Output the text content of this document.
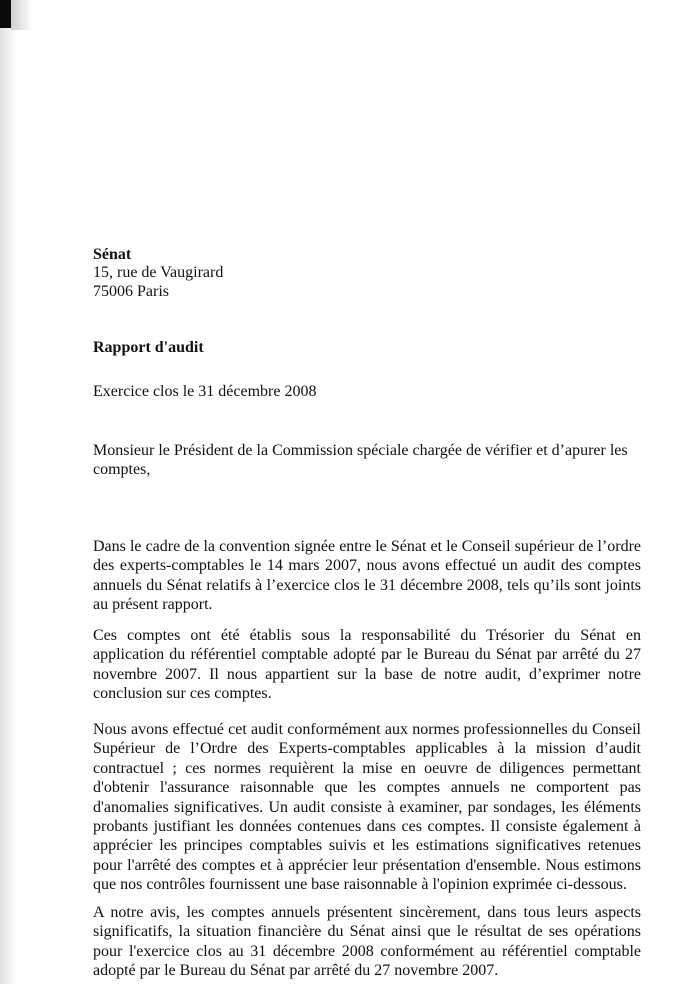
Sénat
15, rue de Vaugirard
75006 Paris
Rapport d'audit
Exercice clos le 31 décembre 2008
Monsieur le Président de la Commission spéciale chargée de vérifier et d’apurer les comptes,
Dans le cadre de la convention signée entre le Sénat et le Conseil supérieur de l’ordre des experts-comptables le 14 mars 2007, nous avons effectué un audit des comptes annuels du Sénat relatifs à l’exercice clos le 31 décembre 2008, tels qu’ils sont joints au présent rapport.
Ces comptes ont été établis sous la responsabilité du Trésorier du Sénat en application du référentiel comptable adopté par le Bureau du Sénat par arrêté du 27 novembre 2007. Il nous appartient sur la base de notre audit, d’exprimer notre conclusion sur ces comptes.
Nous avons effectué cet audit conformément aux normes professionnelles du Conseil Supérieur de l’Ordre des Experts-comptables applicables à la mission d’audit contractuel ; ces normes requièrent la mise en oeuvre de diligences permettant d'obtenir l'assurance raisonnable que les comptes annuels ne comportent pas d'anomalies significatives. Un audit consiste à examiner, par sondages, les éléments probants justifiant les données contenues dans ces comptes. Il consiste également à apprécier les principes comptables suivis et les estimations significatives retenues pour l'arrêté des comptes et à apprécier leur présentation d'ensemble. Nous estimons que nos contrôles fournissent une base raisonnable à l'opinion exprimée ci-dessous.
A notre avis, les comptes annuels présentent sincèrement, dans tous leurs aspects significatifs, la situation financière du Sénat ainsi que le résultat de ses opérations pour l'exercice clos au 31 décembre 2008 conformément au référentiel comptable adopté par le Bureau du Sénat par arrêté du 27 novembre 2007.
